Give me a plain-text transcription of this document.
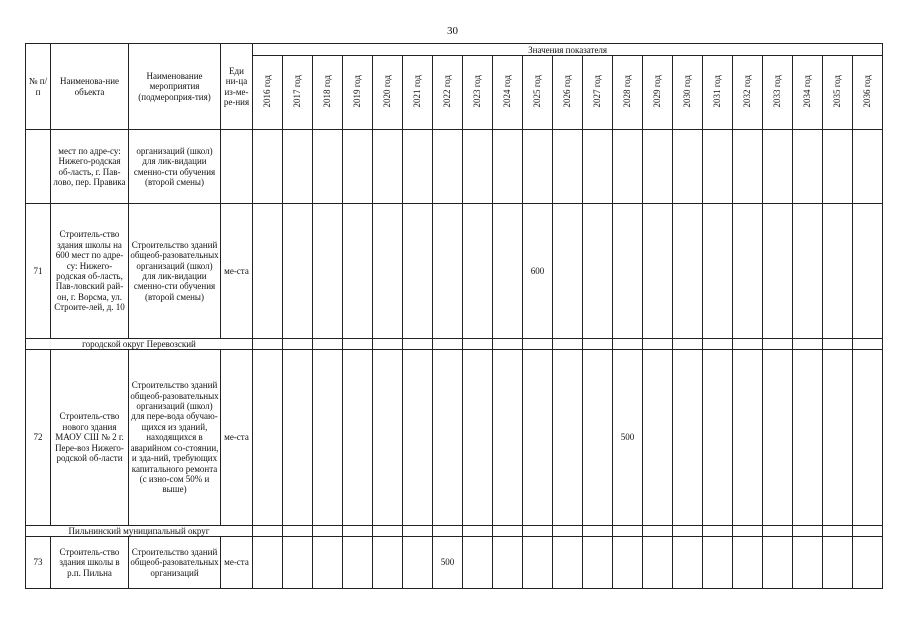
30
№ п/п	Наименова-ние объекта	Наименование мероприятия (подмероприя-тия)	Еди ни-ца из-ме-ре-ния	Значения показателя																				
				2016 год	2017 год	2018 год	2019 год	2020 год	2021 год	2022 год	2023 год	2024 год	2025 год	2026 год	2027 год	2028 год	2029 год	2030 год	2031 год	2032 год	2033 год	2034 год	2035 год	2036 год
	мест по адре-су: Нижего-родская об-ласть, г. Пав-лово, пер. Правика	организаций (школ) для лик-видации сменно-сти обучения (второй смены)																						
71	Строитель-ство здания школы на 600 мест по адре-су: Нижего-родская об-ласть, Пав-ловский рай-он, г. Ворсма, ул. Строите-лей, д. 10	Строительство зданий общеоб-разовательных организаций (школ) для лик-видации сменно-сти обучения (второй смены)	ме-ста										600											
городской округ Перевозский																								
72	Строитель-ство нового здания МАОУ СШ № 2 г. Пере-воз Нижего-родской об-ласти	Строительство зданий общеоб-разовательных организаций (школ) для пере-вода обучаю-щихся из зданий, находящихся в аварийном со-стоянии, и зда-ний, требующих капитального ремонта (с изно-сом 50% и выше)	ме-ста													500								
Пильнинский муниципальный округ																								
73	Строитель-ство здания школы в р.п. Пильна	Строительство зданий общеоб-разовательных организаций	ме-ста							500														
